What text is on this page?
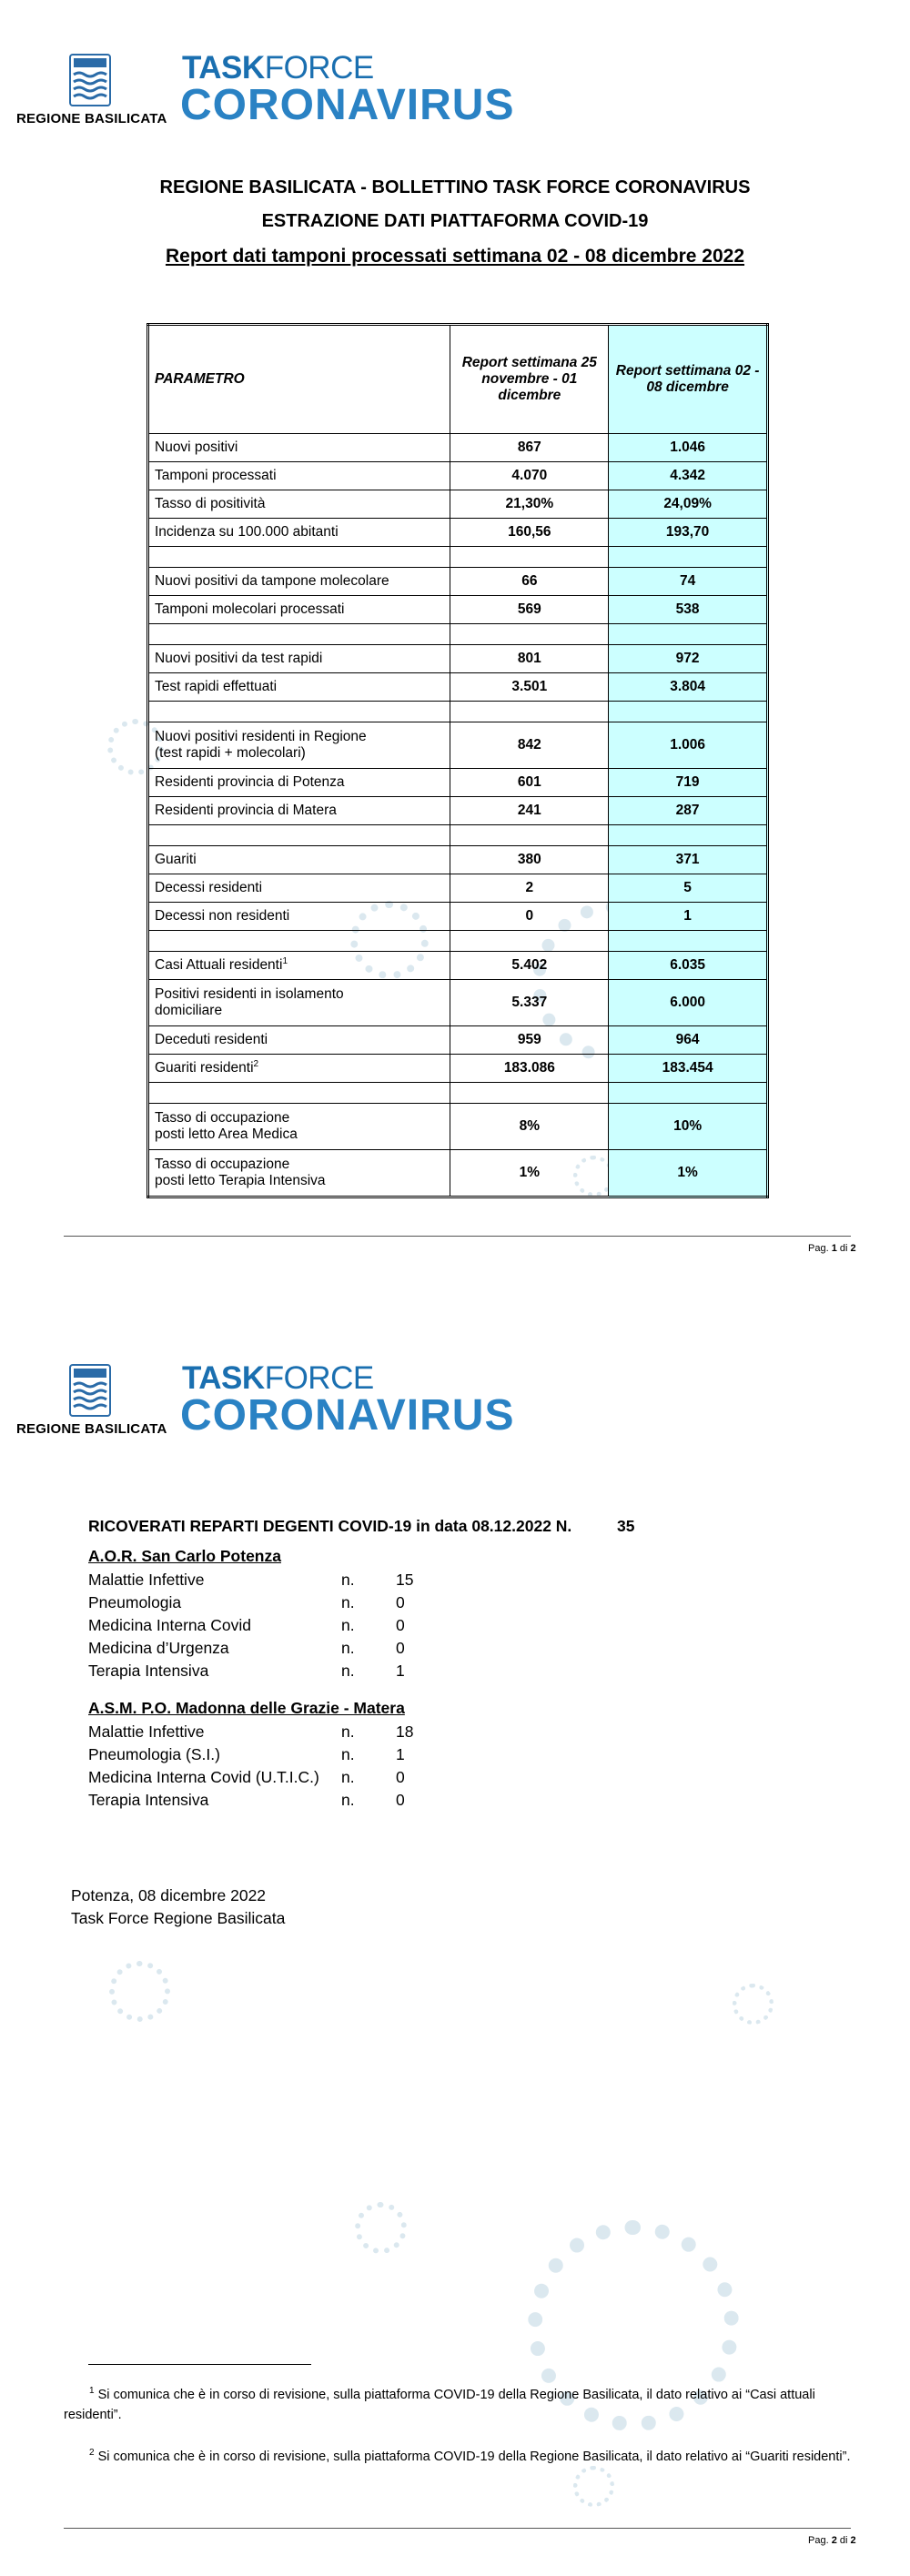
REGIONE BASILICATA
TASKFORCE
CORONAVIRUS
REGIONE BASILICATA - BOLLETTINO TASK FORCE CORONAVIRUS
ESTRAZIONE DATI PIATTAFORMA COVID-19
Report dati tamponi processati settimana 02 - 08 dicembre 2022
PARAMETRO	Report settimana 25 novembre - 01 dicembre	Report settimana 02 - 08 dicembre
Nuovi positivi	867	1.046
Tamponi processati	4.070	4.342
Tasso di positività	21,30%	24,09%
Incidenza su 100.000 abitanti	160,56	193,70

Nuovi positivi da tampone molecolare	66	74
Tamponi molecolari processati	569	538

Nuovi positivi da test rapidi	801	972
Test rapidi effettuati	3.501	3.804

Nuovi positivi residenti in Regione
(test rapidi + molecolari)	842	1.006
Residenti provincia di Potenza	601	719
Residenti provincia di Matera	241	287

Guariti	380	371
Decessi residenti	2	5
Decessi non residenti	0	1

Casi Attuali residenti$^1$	5.402	6.035
Positivi residenti in isolamento
domiciliare	5.337	6.000
Deceduti residenti	959	964
Guariti residenti$^2$	183.086	183.454

Tasso di occupazione
posti letto Area Medica	8%	10%
Tasso di occupazione
posti letto Terapia Intensiva	1%	1%
Pag. 1 di 2
REGIONE BASILICATA
TASKFORCE
CORONAVIRUS
RICOVERATI REPARTI DEGENTI COVID-19 in data 08.12.2022 N.	35
A.O.R. San Carlo Potenza
Malattie Infettive	n.	15
Pneumologia	n.	0
Medicina Interna Covid	n.	0
Medicina d’Urgenza	n.	0
Terapia Intensiva	n.	1
A.S.M. P.O. Madonna delle Grazie - Matera
Malattie Infettive	n.	18
Pneumologia (S.I.)	n.	1
Medicina Interna Covid (U.T.I.C.) n.	0
Terapia Intensiva	n.	0
Potenza, 08 dicembre 2022
Task Force Regione Basilicata
$^1$ Si comunica che è in corso di revisione, sulla piattaforma COVID-19 della Regione Basilicata, il dato relativo ai “Casi attuali residenti”.
$^2$ Si comunica che è in corso di revisione, sulla piattaforma COVID-19 della Regione Basilicata, il dato relativo ai “Guariti residenti”.
Pag. 2 di 2
